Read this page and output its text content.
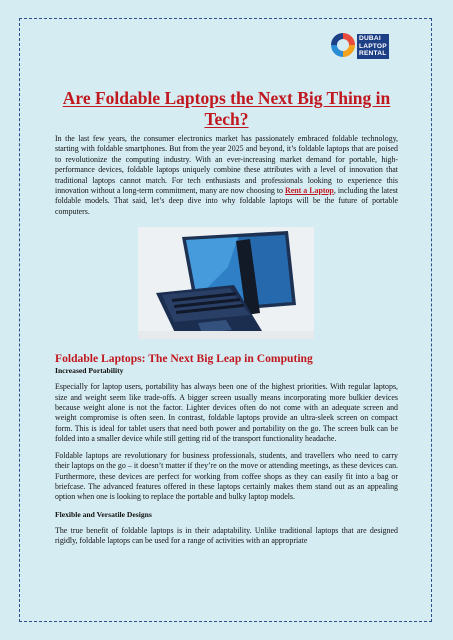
DUBAI
LAPTOP
RENTAL
Are Foldable Laptops the Next Big Thing in Tech?

In the last few years, the consumer electronics market has passionately embraced foldable technology, starting with foldable smartphones. But from the year 2025 and beyond, it’s foldable laptops that are poised to revolutionize the computing industry. With an ever-increasing market demand for portable, high-performance devices, foldable laptops uniquely combine these attributes with a level of innovation that traditional laptops cannot match. For tech enthusiasts and professionals looking to experience this innovation without a long-term commitment, many are now choosing to Rent a Laptop, including the latest foldable models. That said, let’s deep dive into why foldable laptops will be the future of portable computers.

Foldable Laptops: The Next Big Leap in Computing
Increased Portability

Especially for laptop users, portability has always been one of the highest priorities. With regular laptops, size and weight seem like trade-offs. A bigger screen usually means incorporating more bulkier devices because weight alone is not the factor. Lighter devices often do not come with an adequate screen and weight compromise is often seen. In contrast, foldable laptops provide an ultra-sleek screen on compact form. This is ideal for tablet users that need both power and portability on the go. The screen bulk can be folded into a smaller device while still getting rid of the transport functionality headache.

Foldable laptops are revolutionary for business professionals, students, and travellers who need to carry their laptops on the go – it doesn’t matter if they’re on the move or attending meetings, as these devices can. Furthermore, these devices are perfect for working from coffee shops as they can easily fit into a bag or briefcase. The advanced features offered in these laptops certainly makes them stand out as an appealing option when one is looking to replace the portable and bulky laptop models.

Flexible and Versatile Designs

The true benefit of foldable laptops is in their adaptability. Unlike traditional laptops that are designed rigidly, foldable laptops can be used for a range of activities with an appropriate
